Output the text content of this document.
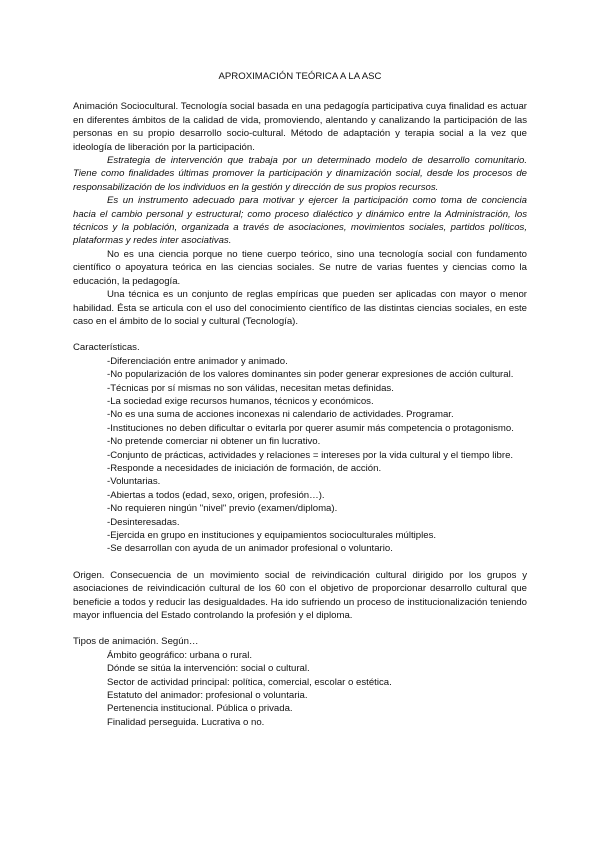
APROXIMACIÓN TEÓRICA A LA ASC

Animación Sociocultural. Tecnología social basada en una pedagogía participativa cuya finalidad es actuar en diferentes ámbitos de la calidad de vida, promoviendo, alentando y canalizando la participación de las personas en su propio desarrollo socio-cultural. Método de adaptación y terapia social a la vez que ideología de liberación por la participación.

Estrategia de intervención que trabaja por un determinado modelo de desarrollo comunitario. Tiene como finalidades últimas promover la participación y dinamización social, desde los procesos de responsabilización de los individuos en la gestión y dirección de sus propios recursos.

Es un instrumento adecuado para motivar y ejercer la participación como toma de conciencia hacia el cambio personal y estructural; como proceso dialéctico y dinámico entre la Administración, los técnicos y la población, organizada a través de asociaciones, movimientos sociales, partidos políticos, plataformas y redes inter asociativas.

No es una ciencia porque no tiene cuerpo teórico, sino una tecnología social con fundamento científico o apoyatura teórica en las ciencias sociales. Se nutre de varias fuentes y ciencias como la educación, la pedagogía.

Una técnica es un conjunto de reglas empíricas que pueden ser aplicadas con mayor o menor habilidad. Ésta se articula con el uso del conocimiento científico de las distintas ciencias sociales, en este caso en el ámbito de lo social y cultural (Tecnología).

Características.

-Diferenciación entre animador y animado.
-No popularización de los valores dominantes sin poder generar expresiones de acción cultural.
-Técnicas por sí mismas no son válidas, necesitan metas definidas.
-La sociedad exige recursos humanos, técnicos y económicos.
-No es una suma de acciones inconexas ni calendario de actividades. Programar.
-Instituciones no deben dificultar o evitarla por querer asumir más competencia o protagonismo.
-No pretende comerciar ni obtener un fin lucrativo.
-Conjunto de prácticas, actividades y relaciones = intereses por la vida cultural y el tiempo libre.
-Responde a necesidades de iniciación de formación, de acción.
-Voluntarias.
-Abiertas a todos (edad, sexo, origen, profesión…).
-No requieren ningún "nivel" previo (examen/diploma).
-Desinteresadas.
-Ejercida en grupo en instituciones y equipamientos socioculturales múltiples.
-Se desarrollan con ayuda de un animador profesional o voluntario.

Origen. Consecuencia de un movimiento social de reivindicación cultural dirigido por los grupos y asociaciones de reivindicación cultural de los 60 con el objetivo de proporcionar desarrollo cultural que beneficie a todos y reducir las desigualdades. Ha ido sufriendo un proceso de institucionalización teniendo mayor influencia del Estado controlando la profesión y el diploma.

Tipos de animación. Según…

Ámbito geográfico: urbana o rural.
Dónde se sitúa la intervención: social o cultural.
Sector de actividad principal: política, comercial, escolar o estética.
Estatuto del animador: profesional o voluntaria.
Pertenencia institucional. Pública o privada.
Finalidad perseguida. Lucrativa o no.
